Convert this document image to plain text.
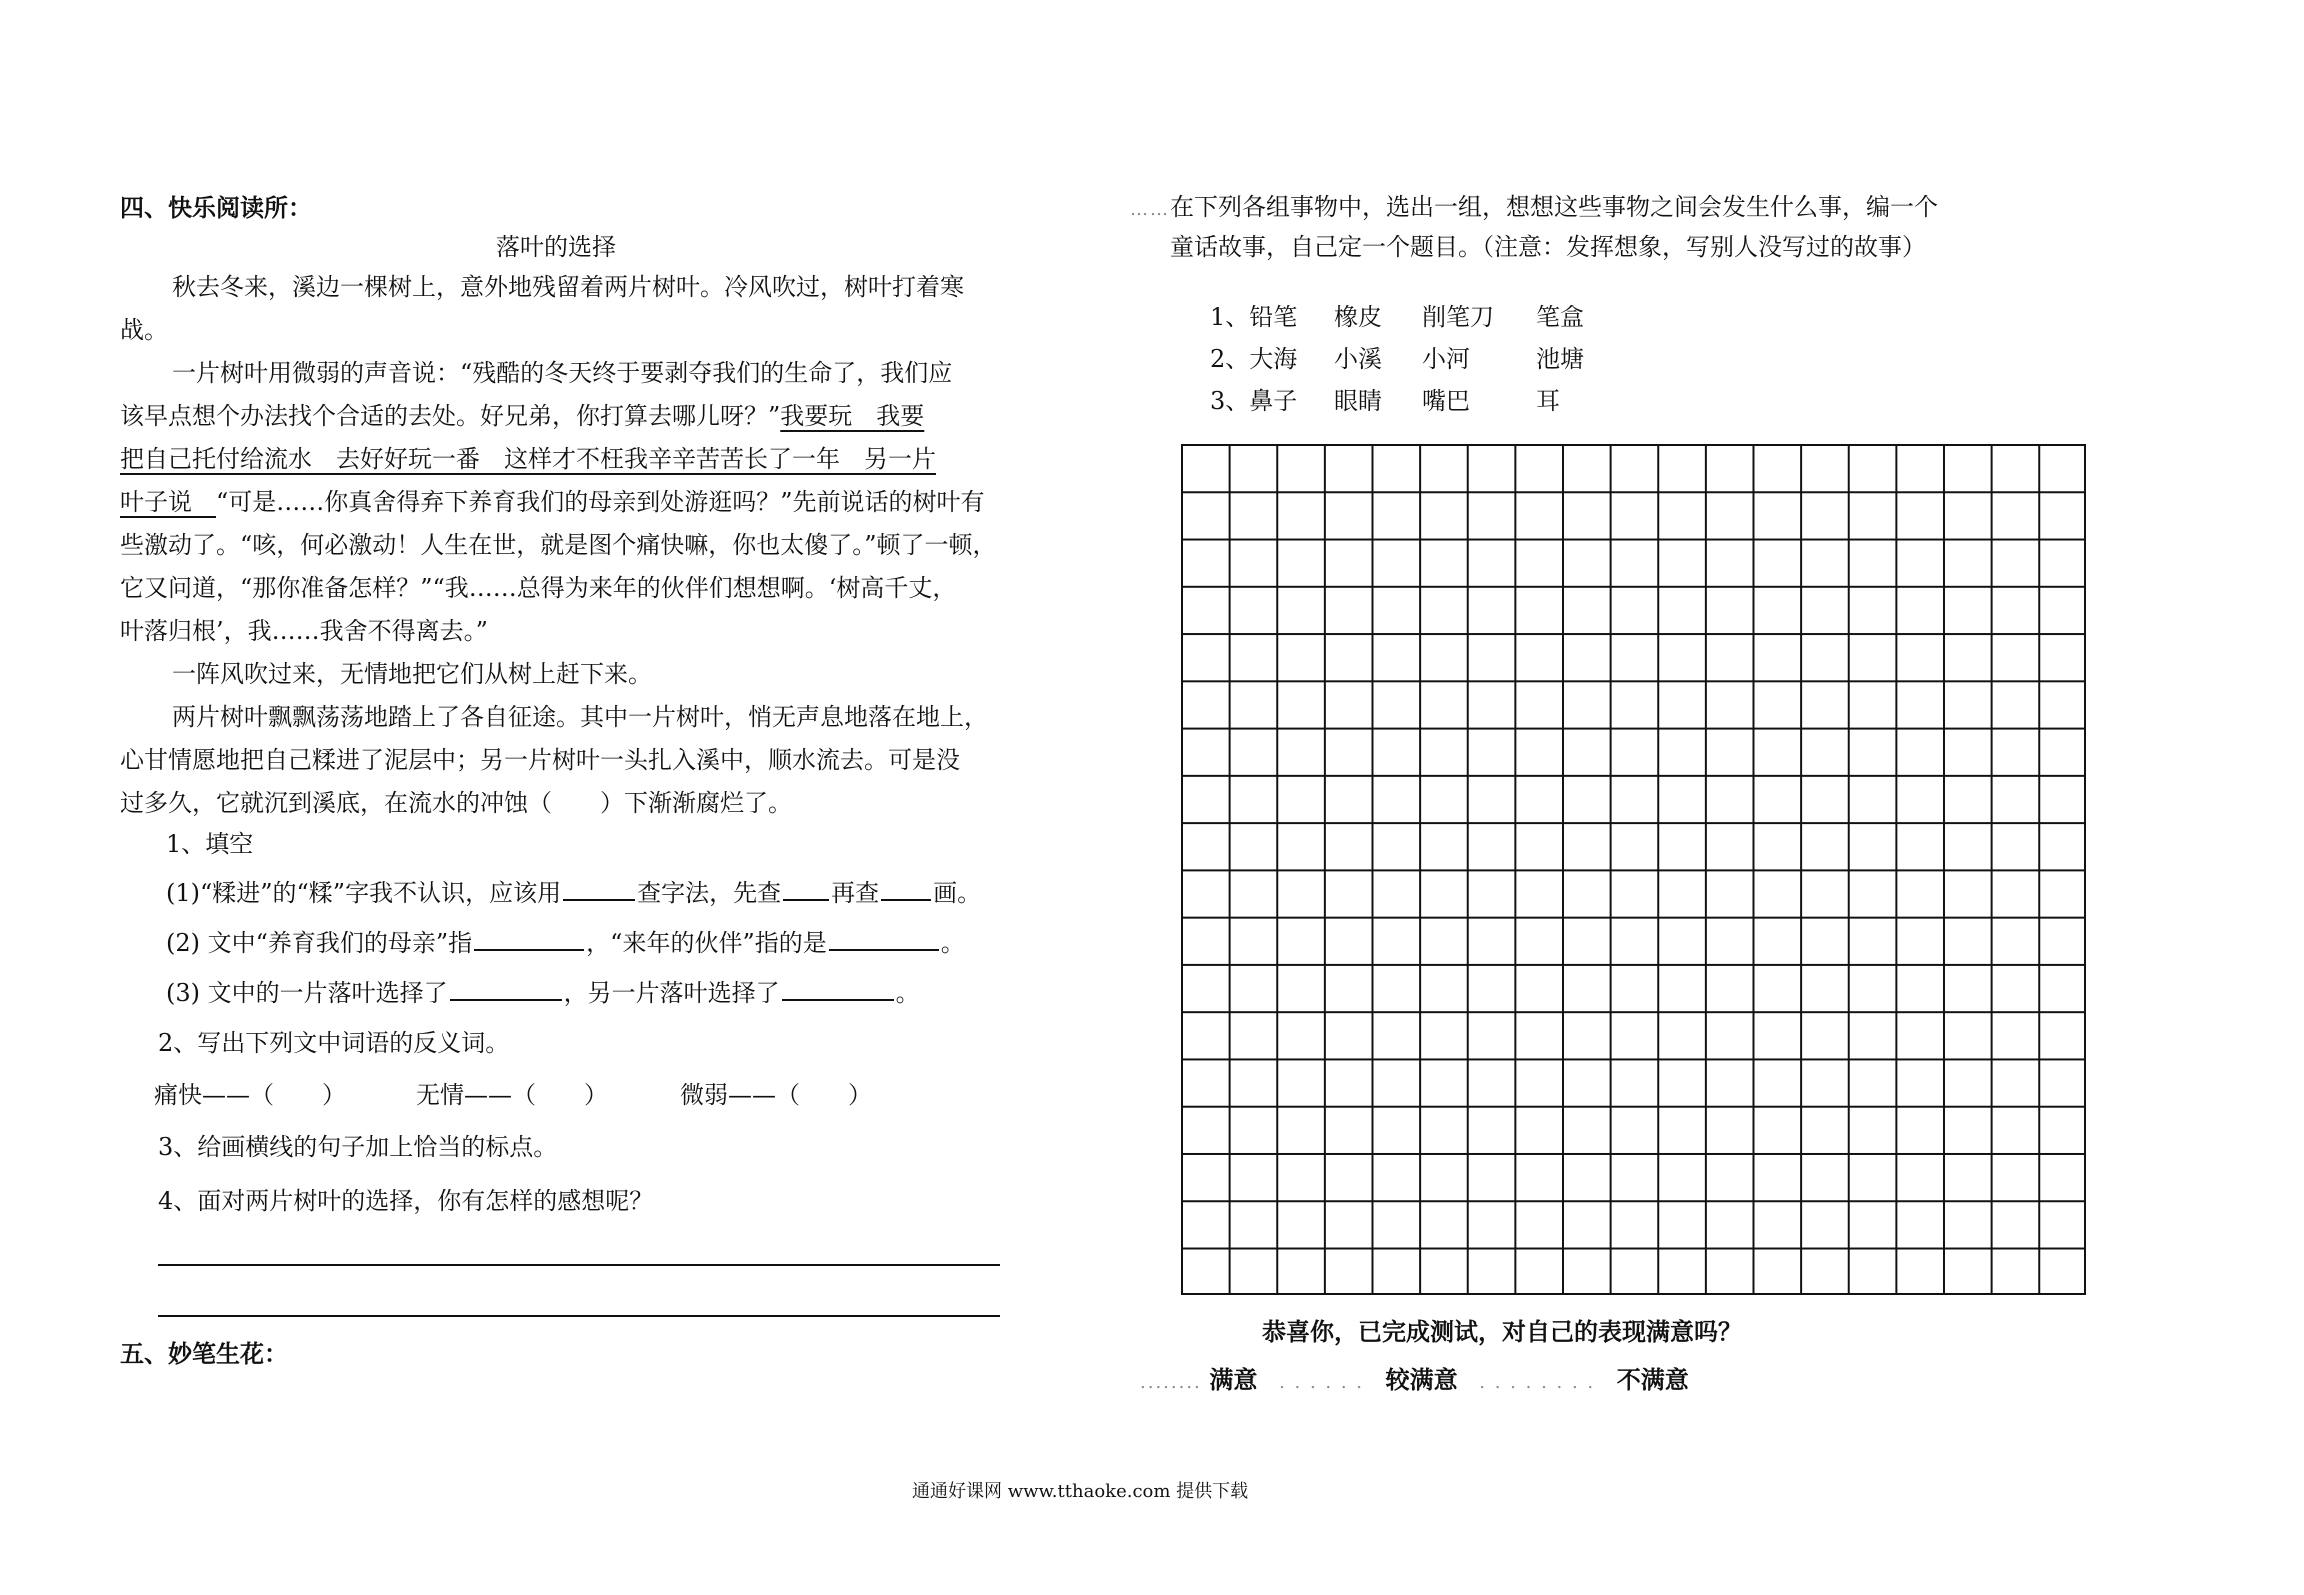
四、快乐阅读所：
落叶的选择
秋去冬来，溪边一棵树上，意外地残留着两片树叶。冷风吹过，树叶打着寒
战。
一片树叶用微弱的声音说：“残酷的冬天终于要剥夺我们的生命了，我们应
该早点想个办法找个合适的去处。好兄弟，你打算去哪儿呀？”我要玩　我要
把自己托付给流水　去好好玩一番　这样才不枉我辛辛苦苦长了一年　另一片
叶子说　“可是……你真舍得弃下养育我们的母亲到处游逛吗？”先前说话的树叶有
些激动了。“咳，何必激动！人生在世，就是图个痛快嘛，你也太傻了。”顿了一顿，
它又问道，“那你准备怎样？”“我……总得为来年的伙伴们想想啊。‘树高千丈，
叶落归根’，我……我舍不得离去。”
一阵风吹过来，无情地把它们从树上赶下来。
两片树叶飘飘荡荡地踏上了各自征途。其中一片树叶，悄无声息地落在地上，
心甘情愿地把自己糅进了泥层中；另一片树叶一头扎入溪中，顺水流去。可是没
过多久，它就沉到溪底，在流水的冲蚀（　　）下渐渐腐烂了。
1、填空
(1)“糅进”的“糅”字我不认识，应该用	查字法，先查 再查 画。
(2) 文中“养育我们的母亲”指	，“来年的伙伴”指的是	。
(3) 文中的一片落叶选择了	，另一片落叶选择了	。
2、写出下列文中词语的反义词。
痛快——（　　）	无情——（　　）	微弱——（　　）
3、给画横线的句子加上恰当的标点。
4、面对两片树叶的选择，你有怎样的感想呢？
五、妙笔生花：
……在下列各组事物中，选出一组，想想这些事物之间会发生什么事，编一个
童话故事，自己定一个题目。（注意：发挥想象，写别人没写过的故事）
1、铅笔 橡皮 削笔刀 笔盒
2、大海 小溪 小河	池塘
3、鼻子 眼睛 嘴巴	耳
恭喜你，已完成测试，对自己的表现满意吗？
........ 满意 . . . . . . 较满意 . . . . . . . . 不满意
通通好课网 www.tthaoke.com 提供下载
